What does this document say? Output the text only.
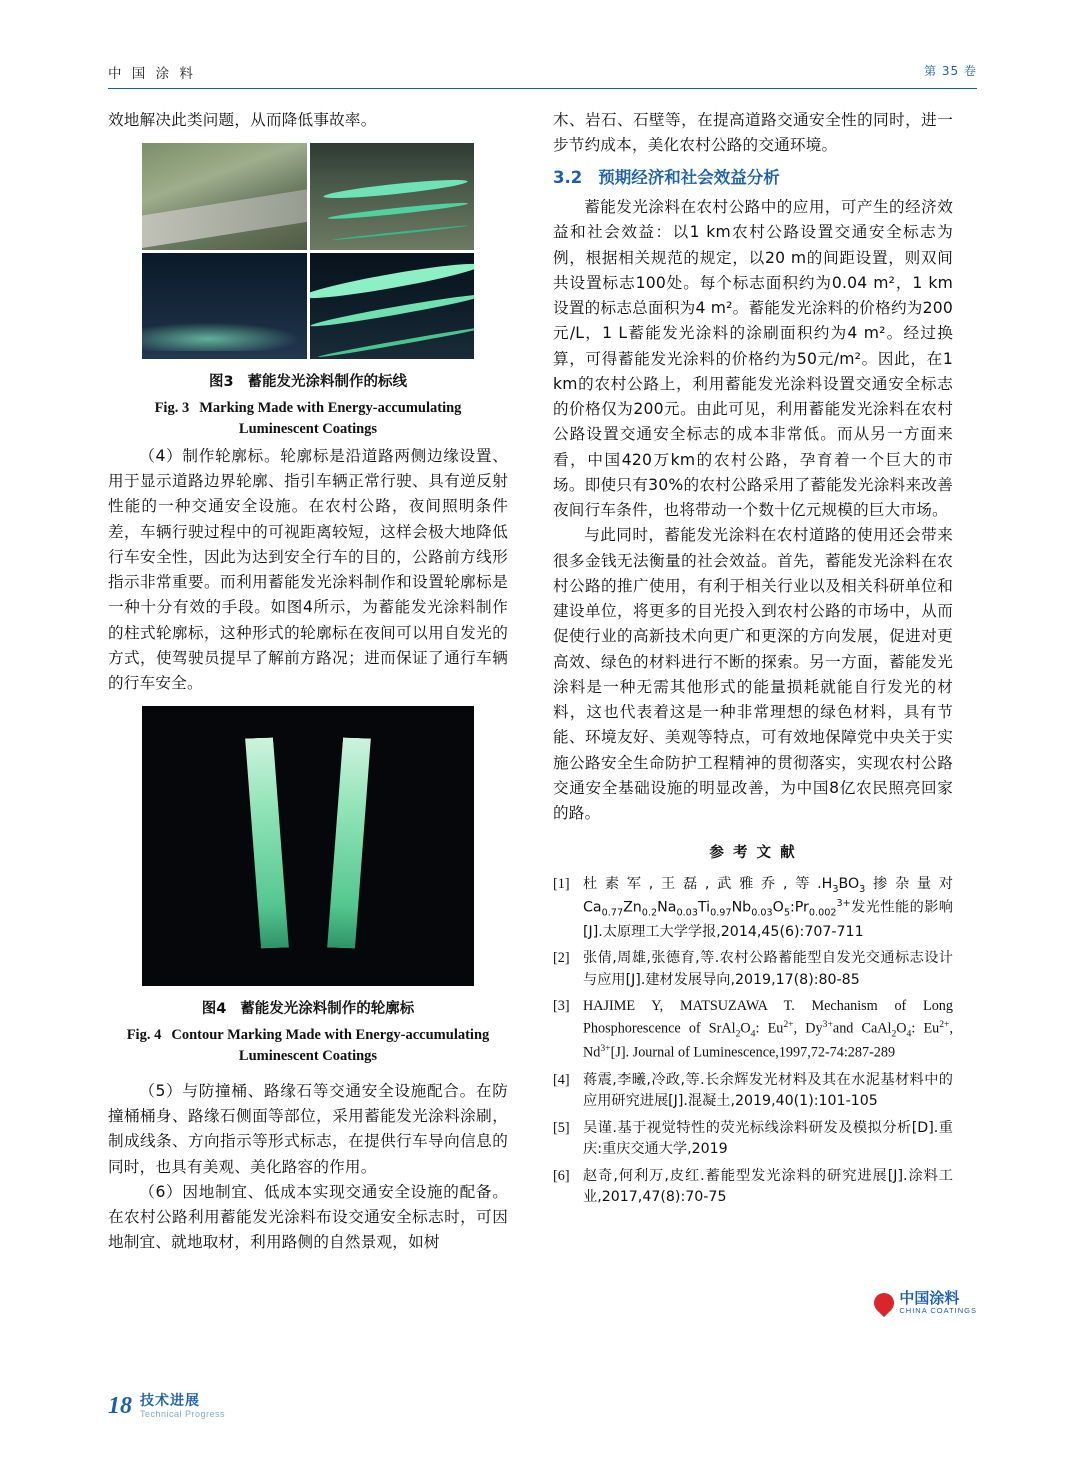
中 国 涂 料	第 35 卷

效地解决此类问题，从而降低事故率。

图3 蓄能发光涂料制作的标线
Fig. 3 Marking Made with Energy-accumulating
Luminescent Coatings

（4）制作轮廓标。轮廓标是沿道路两侧边缘设置、用于显示道路边界轮廓、指引车辆正常行驶、具有逆反射性能的一种交通安全设施。在农村公路，夜间照明条件差，车辆行驶过程中的可视距离较短，这样会极大地降低行车安全性，因此为达到安全行车的目的，公路前方线形指示非常重要。而利用蓄能发光涂料制作和设置轮廓标是一种十分有效的手段。如图4所示，为蓄能发光涂料制作的柱式轮廓标，这种形式的轮廓标在夜间可以用自发光的方式，使驾驶员提早了解前方路况；进而保证了通行车辆的行车安全。

图4 蓄能发光涂料制作的轮廓标
Fig. 4 Contour Marking Made with Energy-accumulating
Luminescent Coatings

（5）与防撞桶、路缘石等交通安全设施配合。在防撞桶桶身、路缘石侧面等部位，采用蓄能发光涂料涂刷，制成线条、方向指示等形式标志，在提供行车导向信息的同时，也具有美观、美化路容的作用。

（6）因地制宜、低成本实现交通安全设施的配备。在农村公路利用蓄能发光涂料布设交通安全标志时，可因地制宜、就地取材，利用路侧的自然景观，如树

木、岩石、石壁等，在提高道路交通安全性的同时，进一步节约成本，美化农村公路的交通环境。

3.2 预期经济和社会效益分析

蓄能发光涂料在农村公路中的应用，可产生的经济效益和社会效益：以1 km农村公路设置交通安全标志为例，根据相关规范的规定，以20 m的间距设置，则双间共设置标志100处。每个标志面积约为0.04 m²，1 km设置的标志总面积为4 m²。蓄能发光涂料的价格约为200元/L，1 L蓄能发光涂料的涂刷面积约为4 m²。经过换算，可得蓄能发光涂料的价格约为50元/m²。因此，在1 km的农村公路上，利用蓄能发光涂料设置交通安全标志的价格仅为200元。由此可见，利用蓄能发光涂料在农村公路设置交通安全标志的成本非常低。而从另一方面来看，中国420万km的农村公路，孕育着一个巨大的市场。即使只有30%的农村公路采用了蓄能发光涂料来改善夜间行车条件，也将带动一个数十亿元规模的巨大市场。

与此同时，蓄能发光涂料在农村道路的使用还会带来很多金钱无法衡量的社会效益。首先，蓄能发光涂料在农村公路的推广使用，有利于相关行业以及相关科研单位和建设单位，将更多的目光投入到农村公路的市场中，从而促使行业的高新技术向更广和更深的方向发展，促进对更高效、绿色的材料进行不断的探索。另一方面，蓄能发光涂料是一种无需其他形式的能量损耗就能自行发光的材料，这也代表着这是一种非常理想的绿色材料，具有节能、环境友好、美观等特点，可有效地保障党中央关于实施公路安全生命防护工程精神的贯彻落实，实现农村公路交通安全基础设施的明显改善，为中国8亿农民照亮回家的路。

参 考 文 献
[1] 杜素军,王磊,武雅乔,等$.H_3BO_3$掺杂量对$Ca_{0.77}Zn_{0.2}Na_{0.03}Ti_{0.97}Nb_{0.03}O_5:Pr_{0.002}^{3+}$发光性能的影响[J].太原理工大学学报,2014,45(6):707-711
[2] 张倩,周雄,张德育,等.农村公路蓄能型自发光交通标志设计与应用[J].建材发展导向,2019,17(8):80-85
[3] HAJIME Y, MATSUZAWA T. Mechanism of Long Phosphorescence of $SrAl_2O_4$: $Eu^{2+}$, $Dy^{3+}and$ $CaAl_2O_4$: $Eu^{2+}$, $Nd^{3+}[J]$. Journal of Luminescence,1997,72-74:287-289
[4] 蒋震,李曦,冷政,等.长余辉发光材料及其在水泥基材料中的应用研究进展[J].混凝土,2019,40(1):101-105
[5] 吴谨.基于视觉特性的荧光标线涂料研发及模拟分析[D].重庆:重庆交通大学,2019
[6] 赵奇,何利万,皮红.蓄能型发光涂料的研究进展[J].涂料工业,2017,47(8):70-75
中国涂料
CHINA COATINGS
18 技术进展
Technical Progress
